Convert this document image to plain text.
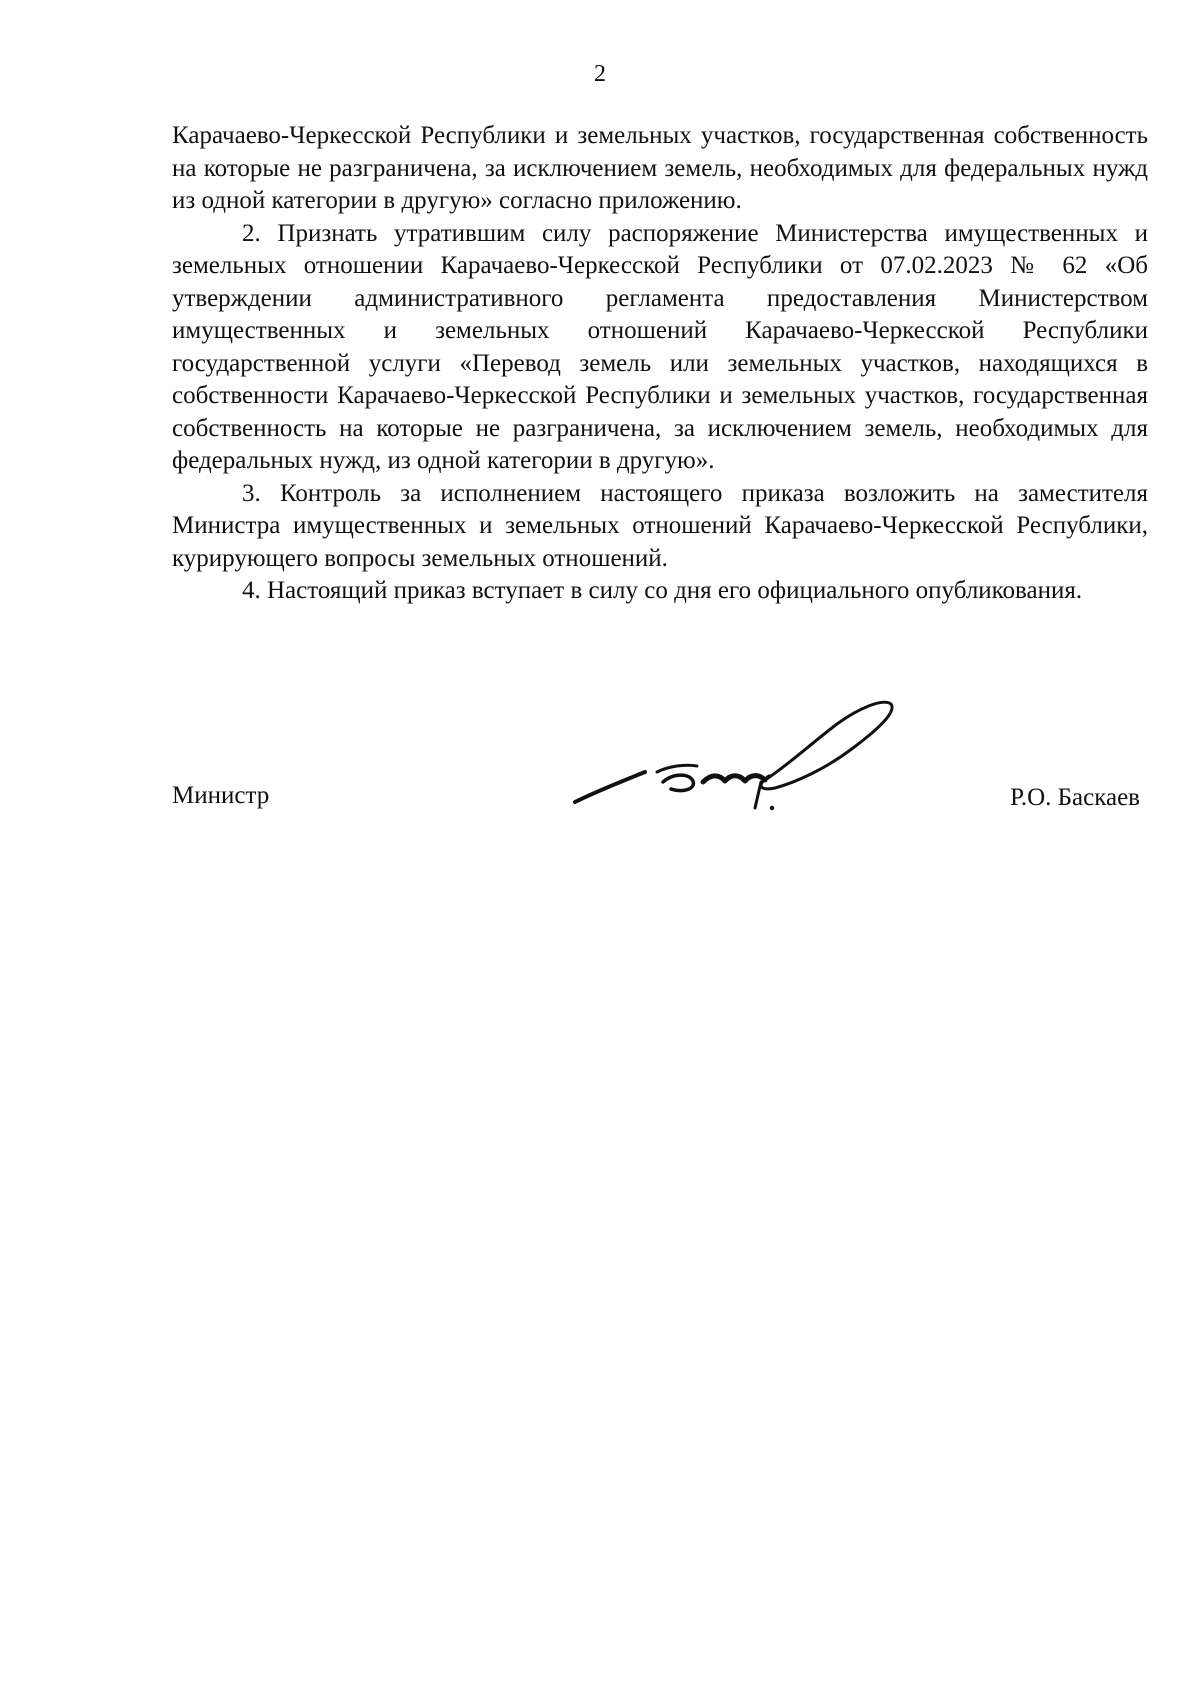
2

Карачаево-Черкесской Республики и земельных участков, государственная собственность на которые не разграничена, за исключением земель, необходимых для федеральных нужд из одной категории в другую» согласно приложению.

2. Признать утратившим силу распоряжение Министерства имущественных и земельных отношении Карачаево-Черкесской Республики от 07.02.2023 № 62 «Об утверждении административного регламента предоставления Министерством имущественных и земельных отношений Карачаево-Черкесской Республики государственной услуги «Перевод земель или земельных участков, находящихся в собственности Карачаево-Черкесской Республики и земельных участков, государственная собственность на которые не разграничена, за исключением земель, необходимых для федеральных нужд, из одной категории в другую».

3. Контроль за исполнением настоящего приказа возложить на заместителя Министра имущественных и земельных отношений Карачаево-Черкесской Республики, курирующего вопросы земельных отношений.

4. Настоящий приказ вступает в силу со дня его официального опубликования.

Министр	Р.О. Баскаев
